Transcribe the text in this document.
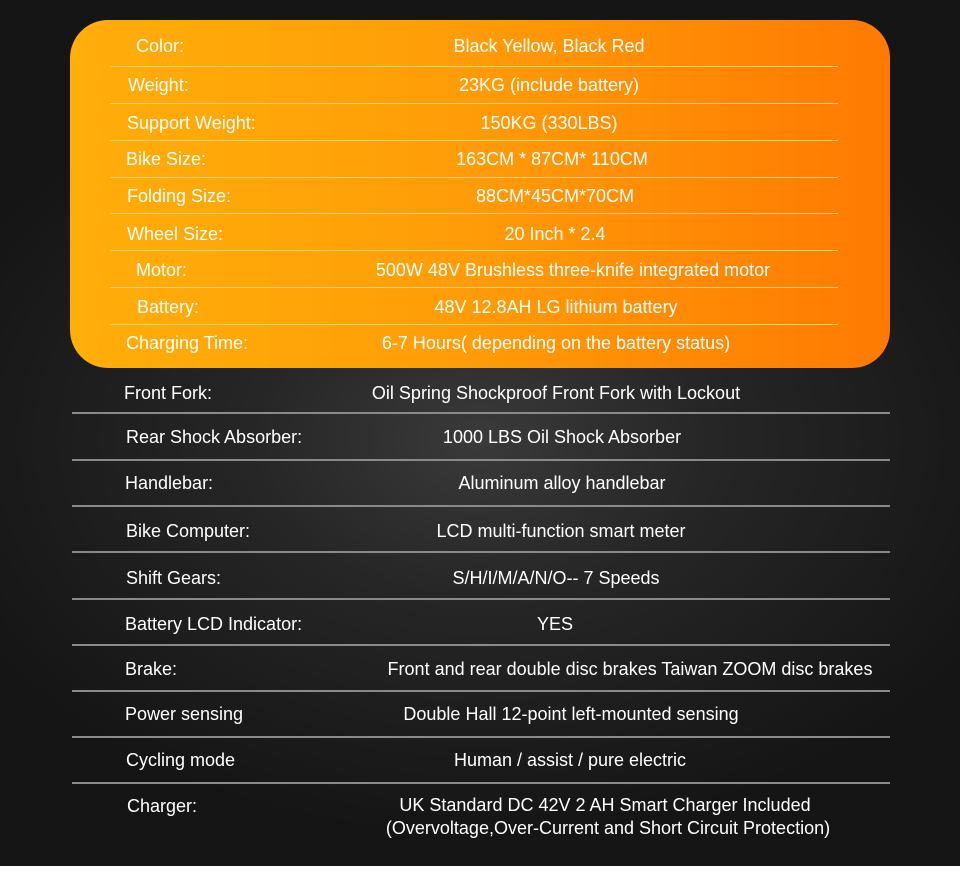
Color:	Black Yellow, Black Red
Weight:	23KG (include battery)
Support Weight:	150KG (330LBS)
Bike Size:	163CM * 87CM* 110CM
Folding Size:	88CM*45CM*70CM
Wheel Size:	20 Inch * 2.4
Motor:	500W 48V Brushless three-knife integrated motor
Battery:	48V 12.8AH LG lithium battery
Charging Time:	6-7 Hours( depending on the battery status)
Front Fork:	Oil Spring Shockproof Front Fork with Lockout
Rear Shock Absorber:	1000 LBS Oil Shock Absorber
Handlebar:	Aluminum alloy handlebar
Bike Computer:	LCD multi-function smart meter
Shift Gears:	S/H/I/M/A/N/O-- 7 Speeds
Battery LCD Indicator:	YES
Brake:	Front and rear double disc brakes Taiwan ZOOM disc brakes
Power sensing	Double Hall 12-point left-mounted sensing
Cycling mode	Human / assist / pure electric
Charger:	UK Standard DC 42V 2 AH Smart Charger Included
(Overvoltage,Over-Current and Short Circuit Protection)
